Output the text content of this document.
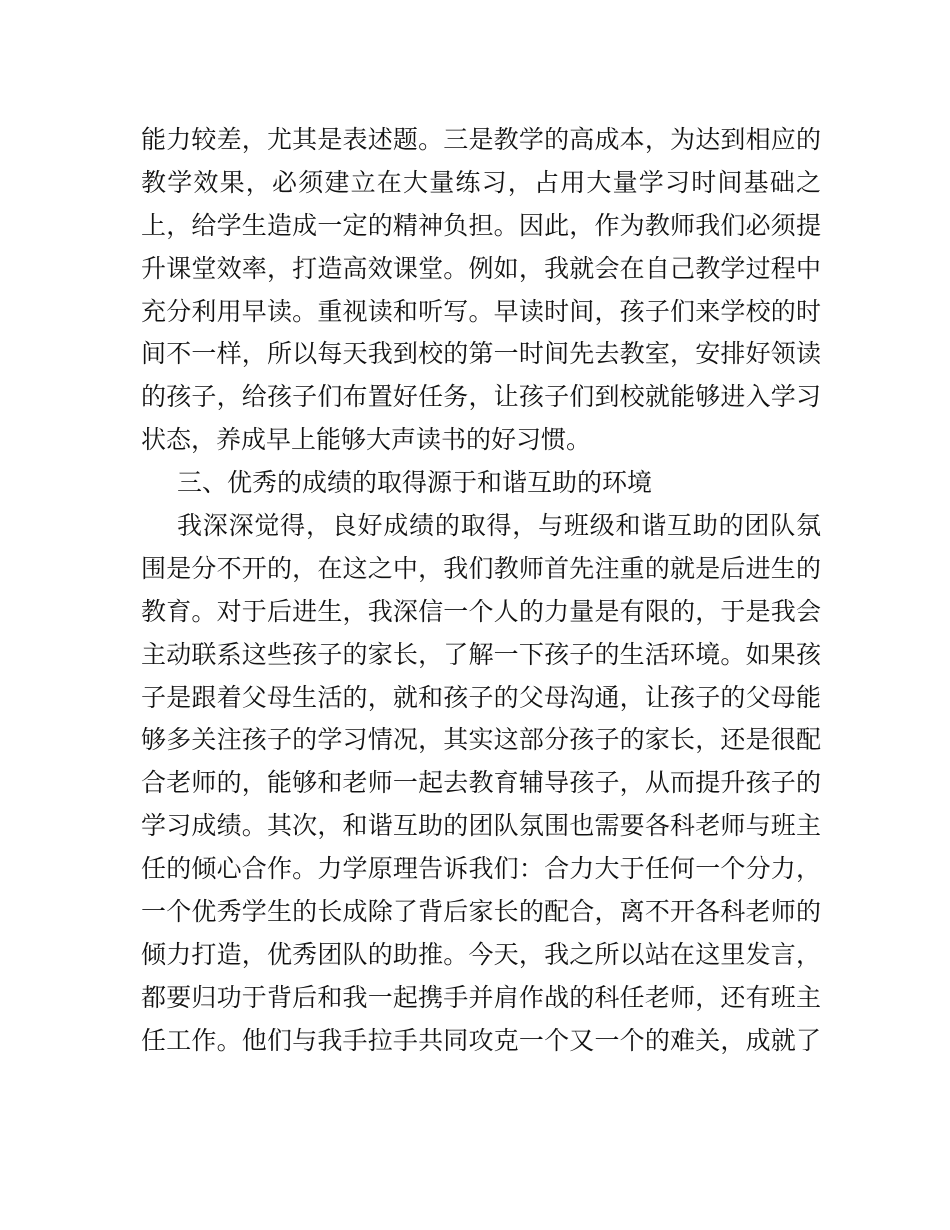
能力较差，尤其是表述题。三是教学的高成本，为达到相应的
教学效果，必须建立在大量练习，占用大量学习时间基础之
上，给学生造成一定的精神负担。因此，作为教师我们必须提
升课堂效率，打造高效课堂。例如，我就会在自己教学过程中
充分利用早读。重视读和听写。早读时间，孩子们来学校的时
间不一样，所以每天我到校的第一时间先去教室，安排好领读
的孩子，给孩子们布置好任务，让孩子们到校就能够进入学习
状态，养成早上能够大声读书的好习惯。
三、优秀的成绩的取得源于和谐互助的环境
我深深觉得，良好成绩的取得，与班级和谐互助的团队氛
围是分不开的，在这之中，我们教师首先注重的就是后进生的
教育。对于后进生，我深信一个人的力量是有限的，于是我会
主动联系这些孩子的家长，了解一下孩子的生活环境。如果孩
子是跟着父母生活的，就和孩子的父母沟通，让孩子的父母能
够多关注孩子的学习情况，其实这部分孩子的家长，还是很配
合老师的，能够和老师一起去教育辅导孩子，从而提升孩子的
学习成绩。其次，和谐互助的团队氛围也需要各科老师与班主
任的倾心合作。力学原理告诉我们：合力大于任何一个分力，
一个优秀学生的长成除了背后家长的配合，离不开各科老师的
倾力打造，优秀团队的助推。今天，我之所以站在这里发言，
都要归功于背后和我一起携手并肩作战的科任老师，还有班主
任工作。他们与我手拉手共同攻克一个又一个的难关，成就了
